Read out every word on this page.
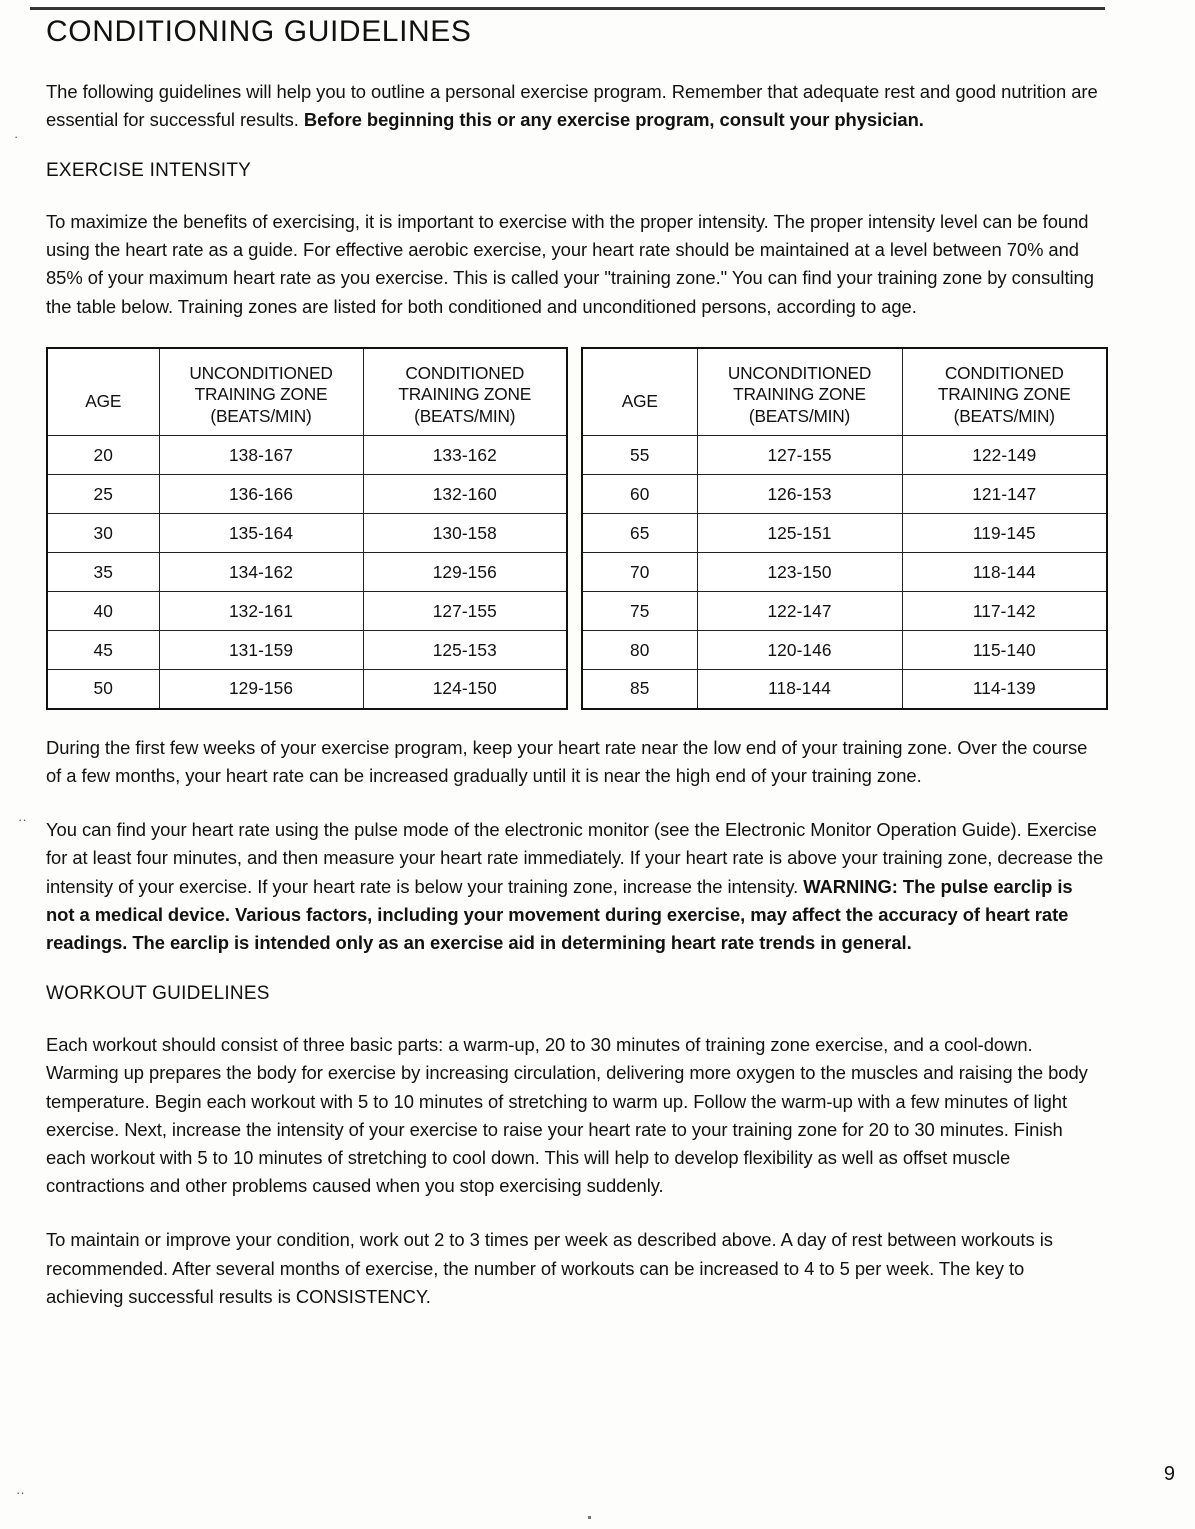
·
··
··
CONDITIONING GUIDELINES

The following guidelines will help you to outline a personal exercise program. Remember that adequate rest and good nutrition are essential for successful results. Before beginning this or any exercise program, consult your physician.

EXERCISE INTENSITY

To maximize the benefits of exercising, it is important to exercise with the proper intensity. The proper intensity level can be found using the heart rate as a guide. For effective aerobic exercise, your heart rate should be maintained at a level between 70% and 85% of your maximum heart rate as you exercise. This is called your "training zone." You can find your training zone by consulting the table below. Training zones are listed for both conditioned and unconditioned persons, according to age.

AGE	UNCONDITIONED
TRAINING ZONE
(BEATS/MIN)	CONDITIONED
TRAINING ZONE
(BEATS/MIN)
20	138-167	133-162
25	136-166	132-160
30	135-164	130-158
35	134-162	129-156
40	132-161	127-155
45	131-159	125-153
50	129-156	124-150
AGE	UNCONDITIONED
TRAINING ZONE
(BEATS/MIN)	CONDITIONED
TRAINING ZONE
(BEATS/MIN)
55	127-155	122-149
60	126-153	121-147
65	125-151	119-145
70	123-150	118-144
75	122-147	117-142
80	120-146	115-140
85	118-144	114-139

During the first few weeks of your exercise program, keep your heart rate near the low end of your training zone. Over the course of a few months, your heart rate can be increased gradually until it is near the high end of your training zone.

You can find your heart rate using the pulse mode of the electronic monitor (see the Electronic Monitor Operation Guide). Exercise for at least four minutes, and then measure your heart rate immediately. If your heart rate is above your training zone, decrease the intensity of your exercise. If your heart rate is below your training zone, increase the intensity. WARNING: The pulse earclip is not a medical device. Various factors, including your movement during exercise, may affect the accuracy of heart rate readings. The earclip is intended only as an exercise aid in determining heart rate trends in general.

WORKOUT GUIDELINES

Each workout should consist of three basic parts: a warm-up, 20 to 30 minutes of training zone exercise, and a cool-down. Warming up prepares the body for exercise by increasing circulation, delivering more oxygen to the muscles and raising the body temperature. Begin each workout with 5 to 10 minutes of stretching to warm up. Follow the warm-up with a few minutes of light exercise. Next, increase the intensity of your exercise to raise your heart rate to your training zone for 20 to 30 minutes. Finish each workout with 5 to 10 minutes of stretching to cool down. This will help to develop flexibility as well as offset muscle contractions and other problems caused when you stop exercising suddenly.

To maintain or improve your condition, work out 2 to 3 times per week as described above. A day of rest between workouts is recommended. After several months of exercise, the number of workouts can be increased to 4 to 5 per week. The key to achieving successful results is CONSISTENCY.

9
